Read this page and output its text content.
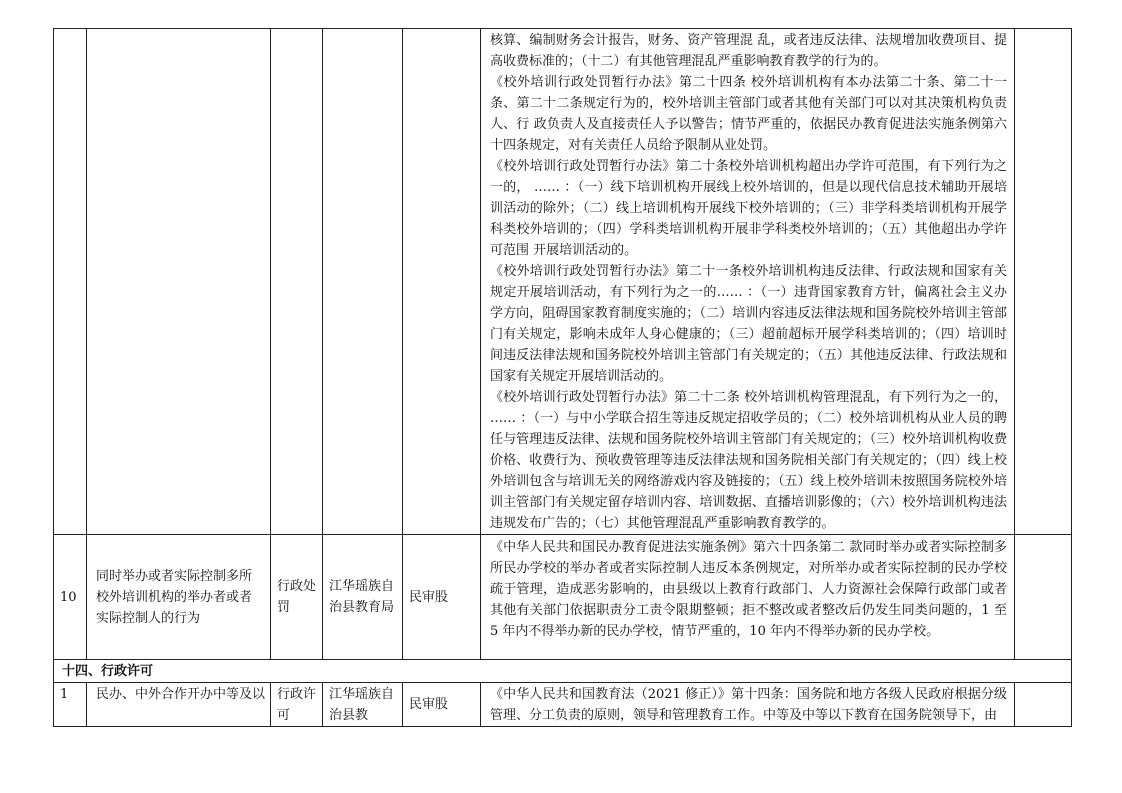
					核算、编制财务会计报告，财务、资产管理混 乱，或者违反法律、法规增加收费项目、提高收费标准的；（十二）有其他管理混乱严重影响教育教学的行为的。

《校外培训行政处罚暂行办法》第二十四条 校外培训机构有本办法第二十条、第二十一条、第二十二条规定行为的，校外培训主管部门或者其他有关部门可以对其决策机构负责人、行 政负责人及直接责任人予以警告；情节严重的，依据民办教育促进法实施条例第六十四条规定，对有关责任人员给予限制从业处罚。

《校外培训行政处罚暂行办法》第二十条校外培训机构超出办学许可范围，有下列行为之一的， …… ：（一）线下培训机构开展线上校外培训的，但是以现代信息技术辅助开展培训活动的除外；（二）线上培训机构开展线下校外培训的；（三）非学科类培训机构开展学科类校外培训的；（四）学科类培训机构开展非学科类校外培训的；（五）其他超出办学许可范围 开展培训活动的。

《校外培训行政处罚暂行办法》第二十一条校外培训机构违反法律、行政法规和国家有关规定开展培训活动，有下列行为之一的…… ：（一）违背国家教育方针，偏离社会主义办学方向，阻碍国家教育制度实施的；（二）培训内容违反法律法规和国务院校外培训主管部门有关规定，影响未成年人身心健康的；（三）超前超标开展学科类培训的；（四）培训时间违反法律法规和国务院校外培训主管部门有关规定的；（五）其他违反法律、行政法规和国家有关规定开展培训活动的。

《校外培训行政处罚暂行办法》第二十二条 校外培训机构管理混乱，有下列行为之一的， …… ：（一）与中小学联合招生等违反规定招收学员的；（二）校外培训机构从业人员的聘任与管理违反法律、法规和国务院校外培训主管部门有关规定的；（三）校外培训机构收费价格、收费行为、预收费管理等违反法律法规和国务院相关部门有关规定的；（四）线上校外培训包含与培训无关的网络游戏内容及链接的；（五）线上校外培训未按照国务院校外培训主管部门有关规定留存培训内容、培训数据、直播培训影像的；（六）校外培训机构违法违规发布广告的；（七）其他管理混乱严重影响教育教学的。	

10	同时举办或者实际控制多所校外培训机构的举办者或者实际控制人的行为	行政处罚	江华瑶族自治县教育局	民审股	《中华人民共和国民办教育促进法实施条例》第六十四条第二 款同时举办或者实际控制多所民办学校的举办者或者实际控制人违反本条例规定，对所举办或者实际控制的民办学校疏于管理，造成恶劣影响的，由县级以上教育行政部门、人力资源社会保障行政部门或者其他有关部门依据职责分工责令限期整顿；拒不整改或者整改后仍发生同类问题的，1 至 5 年内不得举办新的民办学校，情节严重的，10 年内不得举办新的民办学校。	
十四、行政许可						
1	民办、中外合作开办中等及以	行政许可	江华瑶族自治县教	民审股	《中华人民共和国教育法（2021 修正）》第十四条：国务院和地方各级人民政府根据分级管理、分工负责的原则，领导和管理教育工作。中等及中等以下教育在国务院领导下，由	
